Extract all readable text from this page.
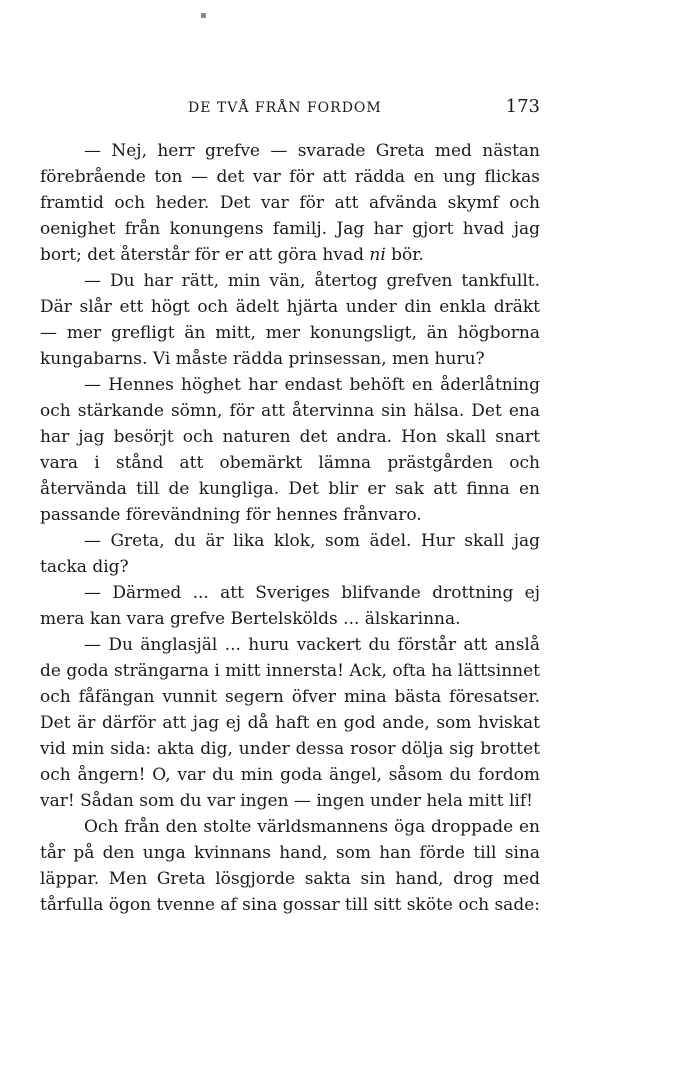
▪
DE TVÅ FRÅN FORDOM	173

— Nej, herr grefve — svarade Greta med nästan förebrående ton — det var för att rädda en ung flickas framtid och heder. Det var för att afvända skymf och oenighet från konungens familj. Jag har gjort hvad jag bort; det återstår för er att göra hvad ni bör.

— Du har rätt, min vän, återtog grefven tankfullt. Där slår ett högt och ädelt hjärta under din enkla dräkt — mer grefligt än mitt, mer konungsligt, än högborna kungabarns. Vi måste rädda prinsessan, men huru?

— Hennes höghet har endast behöft en åderlåtning och stärkande sömn, för att återvinna sin hälsa. Det ena har jag besörjt och naturen det andra. Hon skall snart vara i stånd att obemärkt lämna prästgården och återvända till de kungliga. Det blir er sak att finna en passande förevändning för hennes frånvaro.

— Greta, du är lika klok, som ädel. Hur skall jag tacka dig?

— Därmed ... att Sveriges blifvande drottning ej mera kan vara grefve Bertelskölds ... älskarinna.

— Du änglasjäl ... huru vackert du förstår att anslå de goda strängarna i mitt innersta! Ack, ofta ha lättsinnet och fåfängan vunnit segern öfver mina bästa föresatser. Det är därför att jag ej då haft en god ande, som hviskat vid min sida: akta dig, under dessa rosor dölja sig brottet och ångern! O, var du min goda ängel, såsom du fordom var! Sådan som du var ingen — ingen under hela mitt lif!

Och från den stolte världsmannens öga droppade en tår på den unga kvinnans hand, som han förde till sina läppar. Men Greta lösgjorde sakta sin hand, drog med tårfulla ögon tvenne af sina gossar till sitt sköte och sade:
